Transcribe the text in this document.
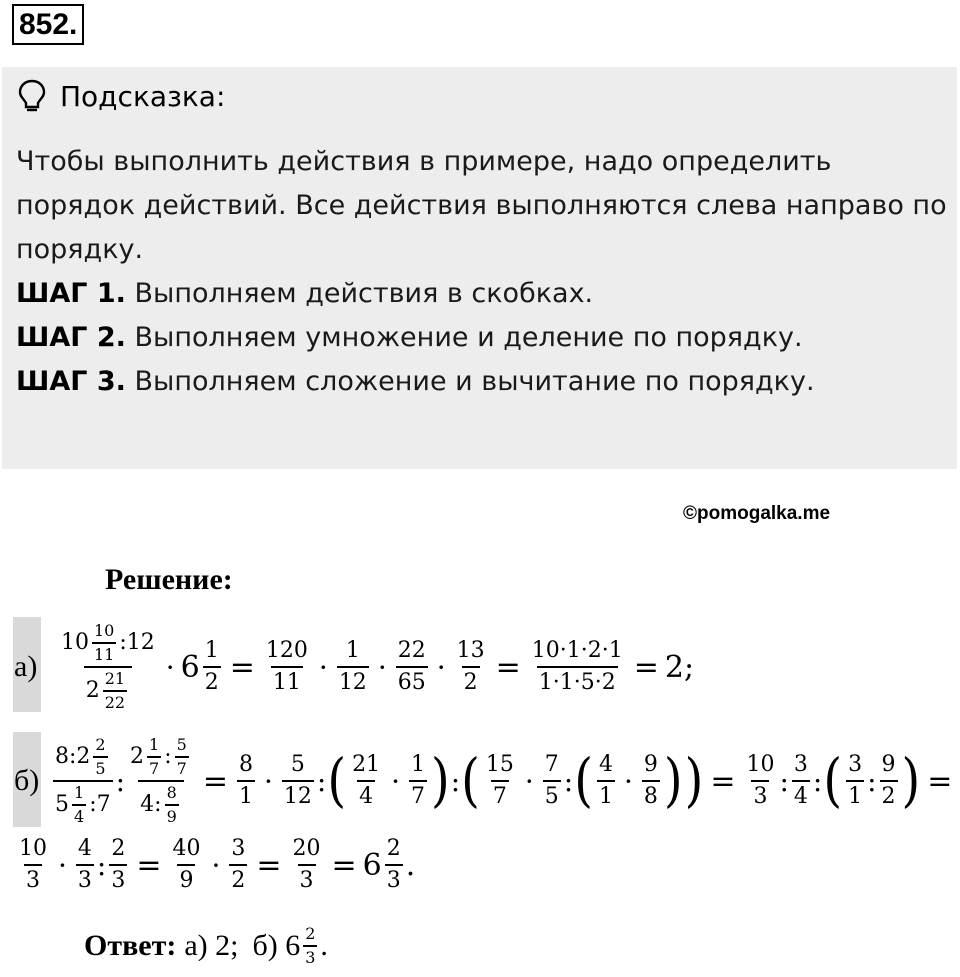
852.
Подсказка:

Чтобы выполнить действия в примере, надо определить порядок действий. Все действия выполняются слева направо по порядку.

ШАГ 1. Выполняем действия в скобках.

ШАГ 2. Выполняем умножение и деление по порядку.

ШАГ 3. Выполняем сложение и вычитание по порядку.

©pomogalka.me
Решение:
$а) \frac{10 \frac{10}{11} :12}{2 \frac{21}{22}} \cdot 6 \frac{1}{2} = \frac{120}{11} \cdot \frac{1}{12} \cdot \frac{22}{65} \cdot \frac{13}{2} = \frac{10\cdot 1\cdot 2\cdot 1}{1\cdot 1\cdot 5\cdot 2} = 2$;
$б) \frac{8:2 \frac{2}{5}}{5 \frac{1}{4} :7}$ : $\frac{2 \frac{1}{7} : \frac{5}{7}}{4: \frac{8}{9}} = \frac{8}{1} \cdot \frac{5}{12}$ : ( $\frac{21}{4} \cdot \frac{1}{7}$ ) : ( $\frac{15}{7} \cdot \frac{7}{5}$ : ( $\frac{4}{1} \cdot \frac{9}{8}$ ) ) = $\frac{10}{3}$ : $\frac{3}{4}$ : ( $\frac{3}{1}$ : $\frac{9}{2}$ ) =
$\frac{10}{3} \cdot \frac{4}{3}$ : $\frac{2}{3} = \frac{40}{9} \cdot \frac{3}{2} = \frac{20}{3} = 6 \frac{2}{3}$ .
Ответ: а) 2; б) $6 \frac{2}{3}$ .
